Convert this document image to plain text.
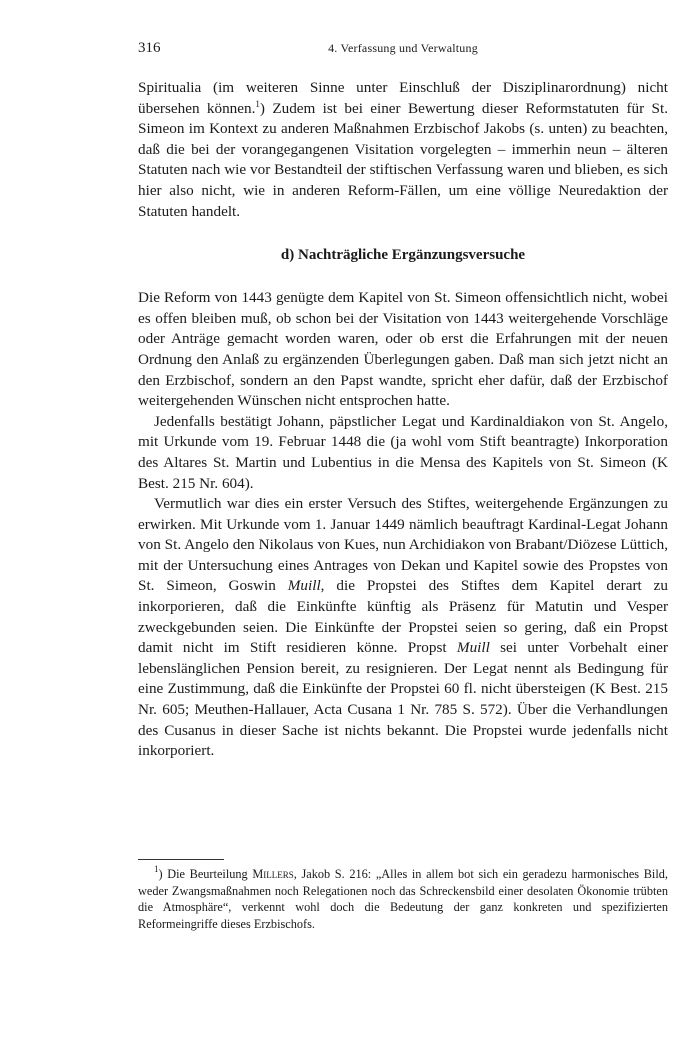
316	4. Verfassung und Verwaltung

Spiritualia (im weiteren Sinne unter Einschluß der Disziplinarordnung) nicht übersehen können.$^1$) Zudem ist bei einer Bewertung dieser Reformstatuten für St. Simeon im Kontext zu anderen Maßnahmen Erzbischof Jakobs (s. unten) zu beachten, daß die bei der vorangegangenen Visitation vorgelegten – immerhin neun – älteren Statuten nach wie vor Bestandteil der stiftischen Verfassung waren und blieben, es sich hier also nicht, wie in anderen Reform-Fällen, um eine völlige Neuredaktion der Statuten handelt.

d) Nachträgliche Ergänzungsversuche

Die Reform von 1443 genügte dem Kapitel von St. Simeon offensichtlich nicht, wobei es offen bleiben muß, ob schon bei der Visitation von 1443 weitergehende Vorschläge oder Anträge gemacht worden waren, oder ob erst die Erfahrungen mit der neuen Ordnung den Anlaß zu ergänzenden Überlegungen gaben. Daß man sich jetzt nicht an den Erzbischof, sondern an den Papst wandte, spricht eher dafür, daß der Erzbischof weitergehenden Wünschen nicht entsprochen hatte.

Jedenfalls bestätigt Johann, päpstlicher Legat und Kardinaldiakon von St. Angelo, mit Urkunde vom 19. Februar 1448 die (ja wohl vom Stift beantragte) Inkorporation des Altares St. Martin und Lubentius in die Mensa des Kapitels von St. Simeon (K Best. 215 Nr. 604).

Vermutlich war dies ein erster Versuch des Stiftes, weitergehende Ergänzungen zu erwirken. Mit Urkunde vom 1. Januar 1449 nämlich beauftragt Kardinal-Legat Johann von St. Angelo den Nikolaus von Kues, nun Archidiakon von Brabant/Diözese Lüttich, mit der Untersuchung eines Antrages von Dekan und Kapitel sowie des Propstes von St. Simeon, Goswin Muill, die Propstei des Stiftes dem Kapitel derart zu inkorporieren, daß die Einkünfte künftig als Präsenz für Matutin und Vesper zweckgebunden seien. Die Einkünfte der Propstei seien so gering, daß ein Propst damit nicht im Stift residieren könne. Propst Muill sei unter Vorbehalt einer lebenslänglichen Pension bereit, zu resignieren. Der Legat nennt als Bedingung für eine Zustimmung, daß die Einkünfte der Propstei 60 fl. nicht übersteigen (K Best. 215 Nr. 605; Meuthen-Hallauer, Acta Cusana 1 Nr. 785 S. 572). Über die Verhandlungen des Cusanus in dieser Sache ist nichts bekannt. Die Propstei wurde jedenfalls nicht inkorporiert.

$^1$) Die Beurteilung Millers, Jakob S. 216: „Alles in allem bot sich ein geradezu harmonisches Bild, weder Zwangsmaßnahmen noch Relegationen noch das Schreckensbild einer desolaten Ökonomie trübten die Atmosphäre“, verkennt wohl doch die Bedeutung der ganz konkreten und spezifizierten Reformeingriffe dieses Erzbischofs.
